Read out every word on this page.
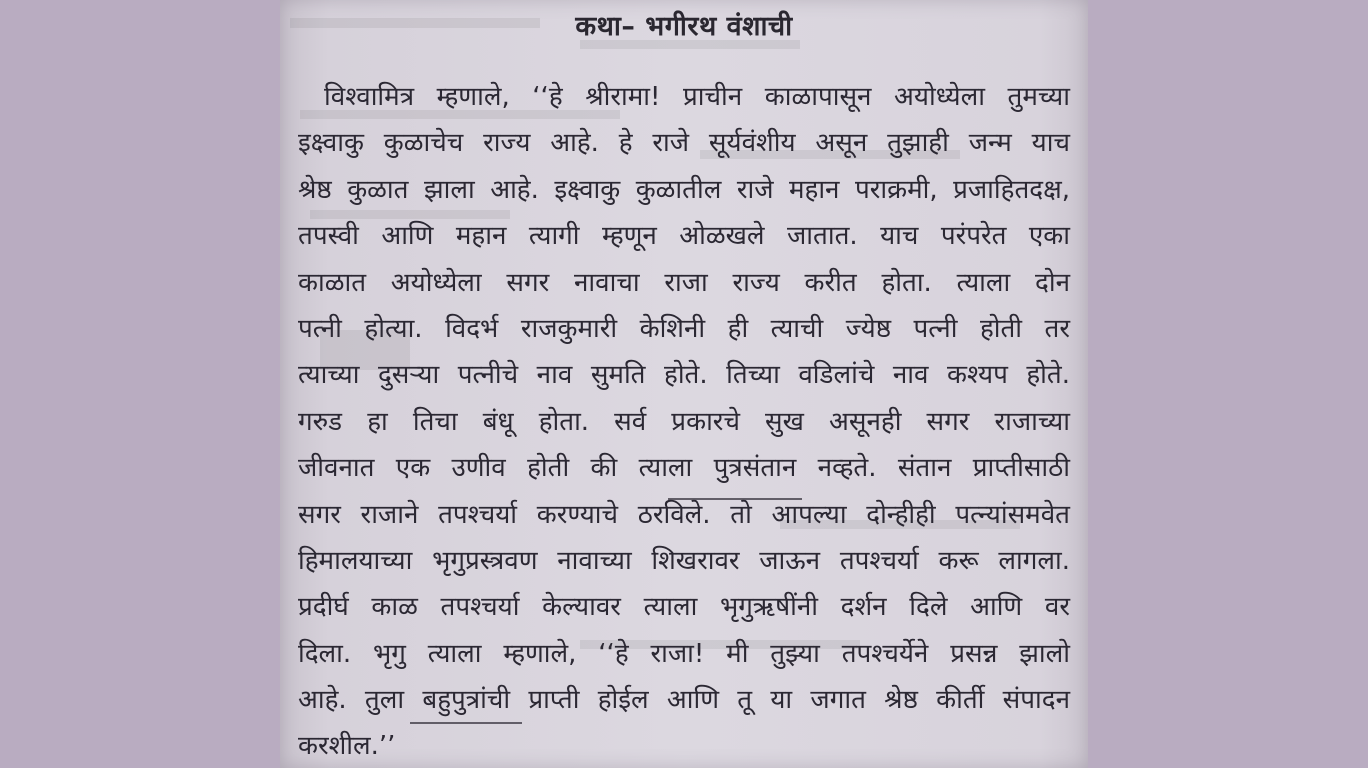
कथा– भगीरथ वंशाची
विश्वामित्र म्हणाले, ‘‘हे श्रीरामा! प्राचीन काळापासून अयोध्येला तुमच्या
इक्ष्वाकु कुळाचेच राज्य आहे. हे राजे सूर्यवंशीय असून तुझाही जन्म याच
श्रेष्ठ कुळात झाला आहे. इक्ष्वाकु कुळातील राजे महान पराक्रमी, प्रजाहितदक्ष,
तपस्वी आणि महान त्यागी म्हणून ओळखले जातात. याच परंपरेत एका
काळात अयोध्येला सगर नावाचा राजा राज्य करीत होता. त्याला दोन
पत्नी होत्या. विदर्भ राजकुमारी केशिनी ही त्याची ज्येष्ठ पत्नी होती तर
त्याच्या दुसऱ्या पत्नीचे नाव सुमति होते. तिच्या वडिलांचे नाव कश्यप होते.
गरुड हा तिचा बंधू होता. सर्व प्रकारचे सुख असूनही सगर राजाच्या
जीवनात एक उणीव होती की त्याला पुत्रसंतान नव्हते. संतान प्राप्तीसाठी
सगर राजाने तपश्चर्या करण्याचे ठरविले. तो आपल्या दोन्हीही पत्न्यांसमवेत
हिमालयाच्या भृगुप्रस्त्रवण नावाच्या शिखरावर जाऊन तपश्चर्या करू लागला.
प्रदीर्घ काळ तपश्चर्या केल्यावर त्याला भृगुऋषींनी दर्शन दिले आणि वर
दिला. भृगु त्याला म्हणाले, ‘‘हे राजा! मी तुझ्या तपश्चर्येने प्रसन्न झालो
आहे. तुला बहुपुत्रांची प्राप्ती होईल आणि तू या जगात श्रेष्ठ कीर्ती संपादन
करशील.’’
